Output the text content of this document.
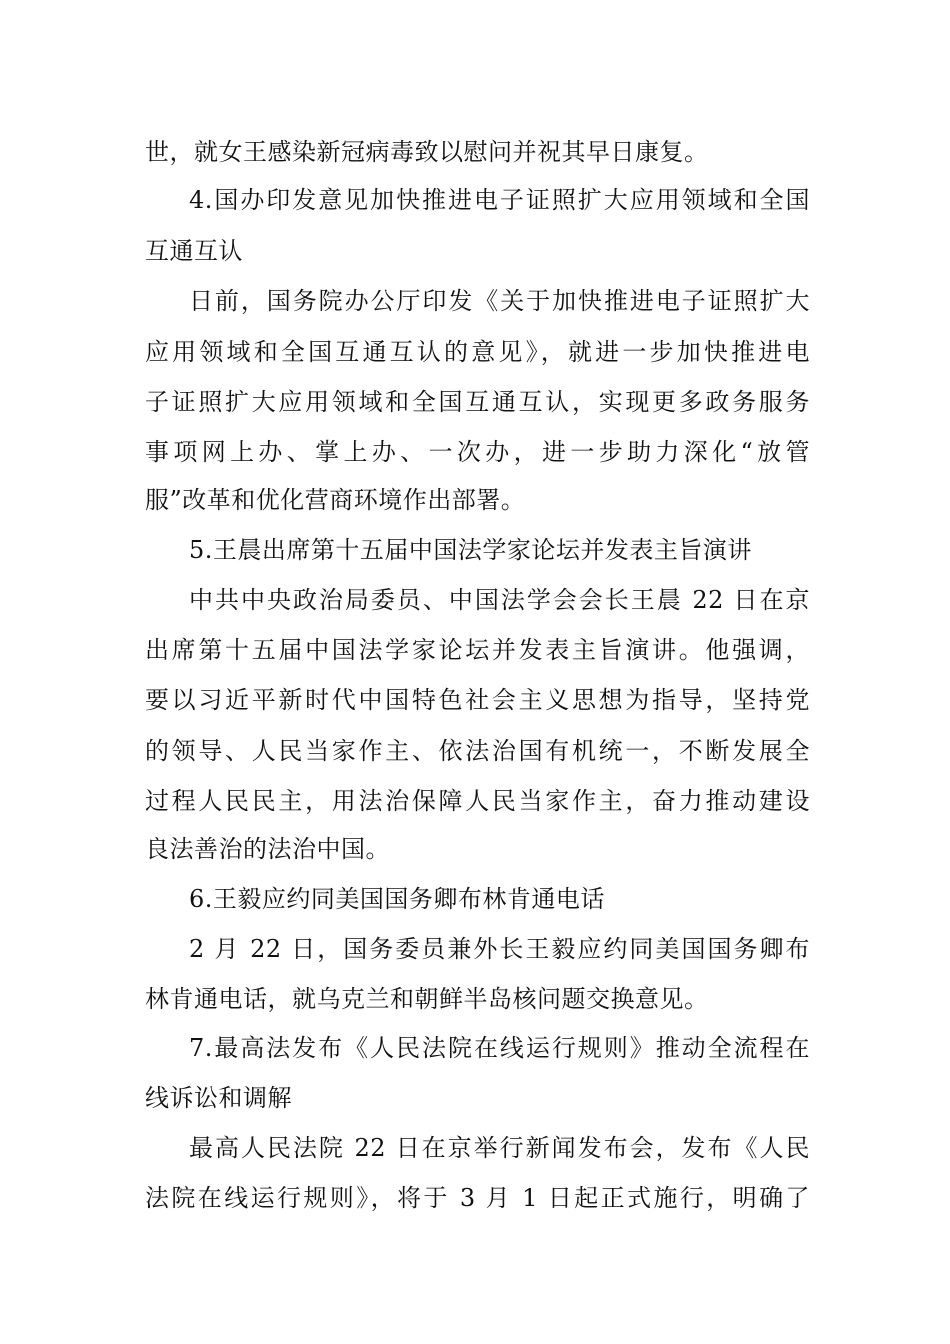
世，就女王感染新冠病毒致以慰问并祝其早日康复。
4.国办印发意见加快推进电子证照扩大应用领域和全国
互通互认
日前，国务院办公厅印发《关于加快推进电子证照扩大
应用领域和全国互通互认的意见》，就进一步加快推进电
子证照扩大应用领域和全国互通互认，实现更多政务服务
事项网上办、掌上办、一次办，进一步助力深化“放管
服”改革和优化营商环境作出部署。
5.王晨出席第十五届中国法学家论坛并发表主旨演讲
中共中央政治局委员、中国法学会会长王晨 22 日在京
出席第十五届中国法学家论坛并发表主旨演讲。他强调，
要以习近平新时代中国特色社会主义思想为指导，坚持党
的领导、人民当家作主、依法治国有机统一，不断发展全
过程人民民主，用法治保障人民当家作主，奋力推动建设
良法善治的法治中国。
6.王毅应约同美国国务卿布林肯通电话
2 月 22 日，国务委员兼外长王毅应约同美国国务卿布
林肯通电话，就乌克兰和朝鲜半岛核问题交换意见。
7.最高法发布《人民法院在线运行规则》推动全流程在
线诉讼和调解
最高人民法院 22 日在京举行新闻发布会，发布《人民
法院在线运行规则》，将于 3 月 1 日起正式施行，明确了
